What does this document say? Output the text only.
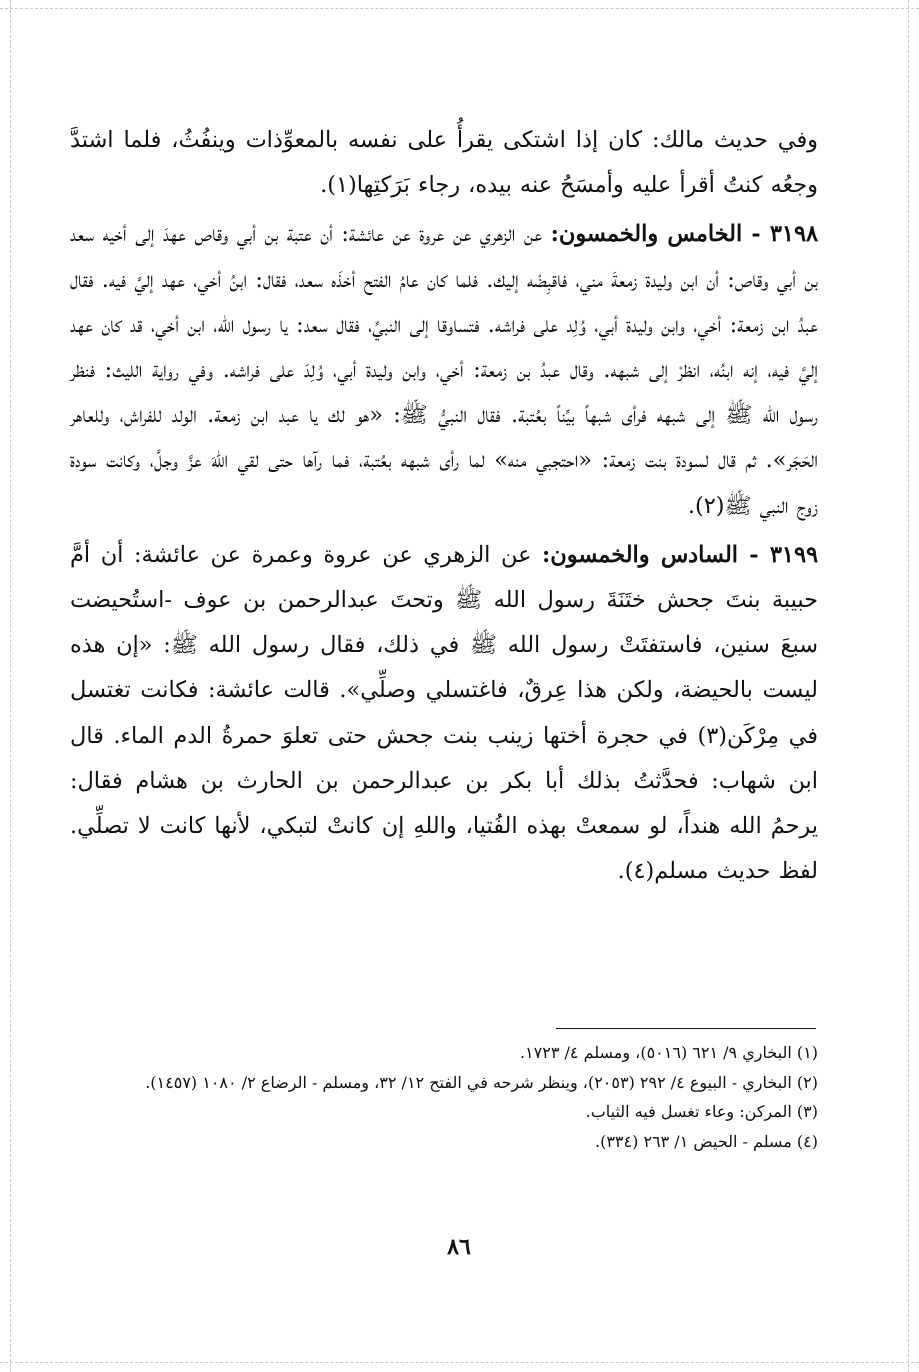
وفي حديث مالك: كان إذا اشتكى يقرأُ على نفسه بالمعوِّذات وينفُثُ، فلما اشتدَّ وجعُه كنتُ أقرأ عليه وأمسَحُ عنه بيده، رجاء بَرَكتِها(١).

٣١٩٨ - الخامس والخمسون: عن الزهري عن عروة عن عائشة: أن عتبة بن أبي وقاص عهدَ إلى أخيه سعد بن أبي وقاص: أن ابن وليدة زمعةَ مني، فاقبِضْه إليك. فلما كان عامُ الفتح أخذَه سعد، فقال: ابنُ أخي، عهد إليَّ فيه. فقال عبدُ ابن زمعة: أخي، وابن وليدة أبي، وُلِد على فراشه. فتساوقا إلى النبيِّ، فقال سعد: يا رسول الله، ابن أخي، قد كان عهد إليَّ فيه، إنه ابنُه، انظرْ إلى شبهه. وقال عبدُ بن زمعة: أخي، وابن وليدة أبي، وُلِدَ على فراشه. وفي رواية الليث: فنظر رسول الله ﷺ إلى شبهه فرأى شبهاً بيِّناً بعُتبة. فقال النبيُّ ﷺ: «هو لك يا عبد ابن زمعة. الولد للفراش، وللعاهر الحَجَر». ثم قال لسودة بنت زمعة: «احتجبي منه» لما رأى شبهه بعُتبة، فما رآها حتى لقي اللهَ عزَّ وجلَّ، وكانت سودة زوج النبي ﷺ(٢).

٣١٩٩ - السادس والخمسون: عن الزهري عن عروة وعمرة عن عائشة: أن أمَّ حبيبة بنتَ جحش ختَنَةَ رسول الله ﷺ وتحتَ عبدالرحمن بن عوف -استُحيضت سبعَ سنين، فاستفتَتْ رسول الله ﷺ في ذلك، فقال رسول الله ﷺ: «إن هذه ليست بالحيضة، ولكن هذا عِرقٌ، فاغتسلي وصلِّي». قالت عائشة: فكانت تغتسل في مِرْكَن(٣) في حجرة أختها زينب بنت جحش حتى تعلوَ حمرةُ الدم الماء. قال ابن شهاب: فحدَّثتُ بذلك أبا بكر بن عبدالرحمن بن الحارث بن هشام فقال: يرحمُ الله هنداً، لو سمعتْ بهذه الفُتيا، واللهِ إن كانتْ لتبكي، لأنها كانت لا تصلِّي. لفظ حديث مسلم(٤).

(١) البخاري ٩/ ٦٢١ (٥٠١٦)، ومسلم ٤/ ١٧٢٣.

(٢) البخاري - البيوع ٤/ ٢٩٢ (٢٠٥٣)، وينظر شرحه في الفتح ١٢/ ٣٢، ومسلم - الرضاع ٢/ ١٠٨٠ (١٤٥٧).

(٣) المركن: وعاء تغسل فيه الثياب.

(٤) مسلم - الحيض ١/ ٢٦٣ (٣٣٤).

٨٦
